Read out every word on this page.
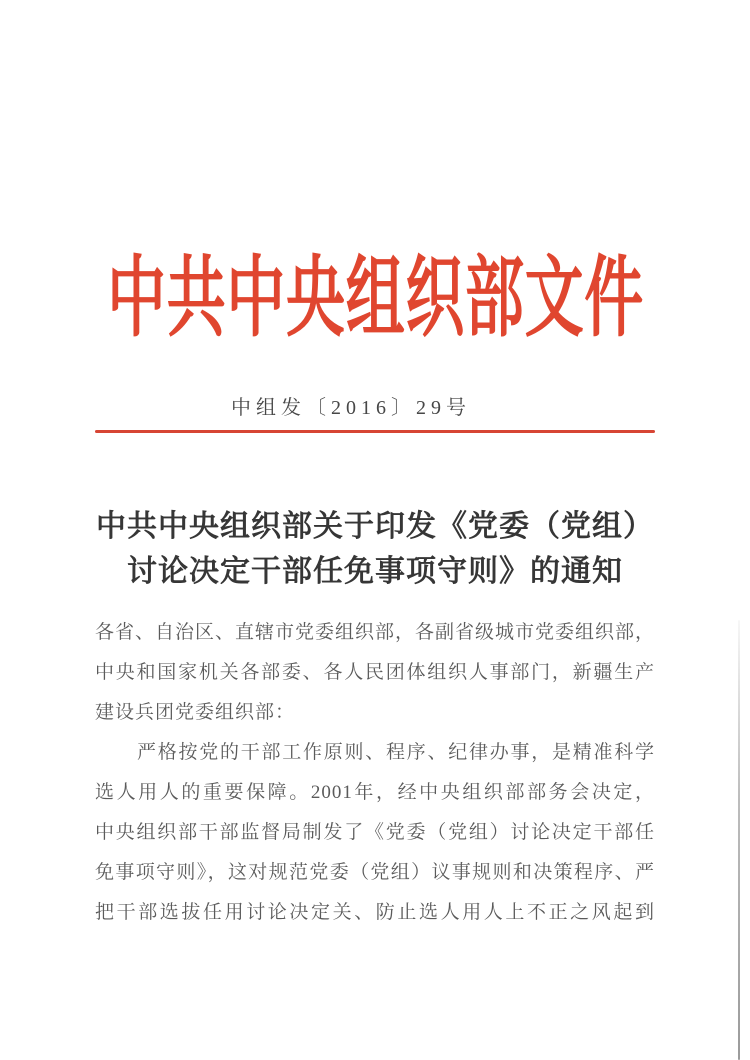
中共中央组织部文件
中组发〔2016〕29号
中共中央组织部关于印发《党委（党组）
讨论决定干部任免事项守则》的通知
各省、自治区、直辖市党委组织部，各副省级城市党委组织部，
中央和国家机关各部委、各人民团体组织人事部门，新疆生产
建设兵团党委组织部：
严格按党的干部工作原则、程序、纪律办事，是精准科学
选人用人的重要保障。2001年，经中央组织部部务会决定，
中央组织部干部监督局制发了《党委（党组）讨论决定干部任
免事项守则》，这对规范党委（党组）议事规则和决策程序、严
把干部选拔任用讨论决定关、防止选人用人上不正之风起到
